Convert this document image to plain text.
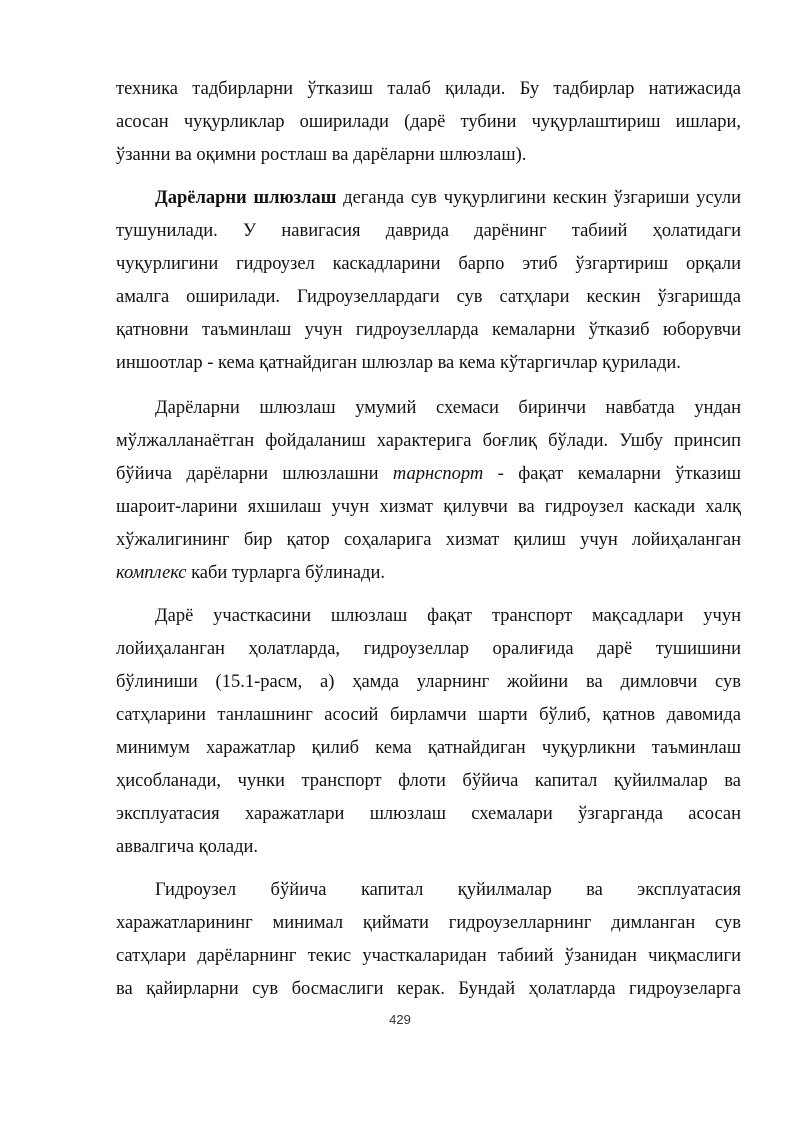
техника тадбирларни ўтказиш талаб қилади. Бу тадбирлар натижасида

асосан чуқурликлар оширилади (дарё тубини чуқурлаштириш ишлари,

ўзанни ва оқимни ростлаш ва дарёларни шлюзлаш).

Дарёларни шлюзлаш деганда сув чуқурлигини кескин ўзгариши усули

тушунилади. У навигасия даврида дарёнинг табиий ҳолатидаги

чуқурлигини гидроузел каскадларини барпо этиб ўзгартириш орқали

амалга оширилади. Гидроузеллардаги сув сатҳлари кескин ўзгаришда

қатновни таъминлаш учун гидроузелларда кемаларни ўтказиб юборувчи

иншоотлар - кема қатнайдиган шлюзлар ва кема кўтаргичлар қурилади.

Дарёларни шлюзлаш умумий схемаси биринчи навбатда ундан

мўлжалланаётган фойдаланиш характерига боғлиқ бўлади. Ушбу принсип

бўйича дарёларни шлюзлашни тарнспорт - фақат кемаларни ўтказиш

шароит-ларини яхшилаш учун хизмат қилувчи ва гидроузел каскади халқ

хўжалигининг бир қатор соҳаларига хизмат қилиш учун лойиҳаланган

комплекс каби турларга бўлинади.

Дарё участкасини шлюзлаш фақат транспорт мақсадлари учун

лойиҳаланган ҳолатларда, гидроузеллар оралиғида дарё тушишини

бўлиниши (15.1-расм, а) ҳамда уларнинг жойини ва димловчи сув

сатҳларини танлашнинг асосий бирламчи шарти бўлиб, қатнов давомида

минимум харажатлар қилиб кема қатнайдиган чуқурликни таъминлаш

ҳисобланади, чунки транспорт флоти бўйича капитал қуйилмалар ва

эксплуатасия харажатлари шлюзлаш схемалари ўзгарганда асосан

аввалгича қолади.

Гидроузел бўйича капитал қуйилмалар ва эксплуатасия

харажатларининг минимал қиймати гидроузелларнинг димланган сув

сатҳлари дарёларнинг текис участкаларидан табиий ўзанидан чиқмаслиги

ва қайирларни сув босмаслиги керак. Бундай ҳолатларда гидроузеларга

429
